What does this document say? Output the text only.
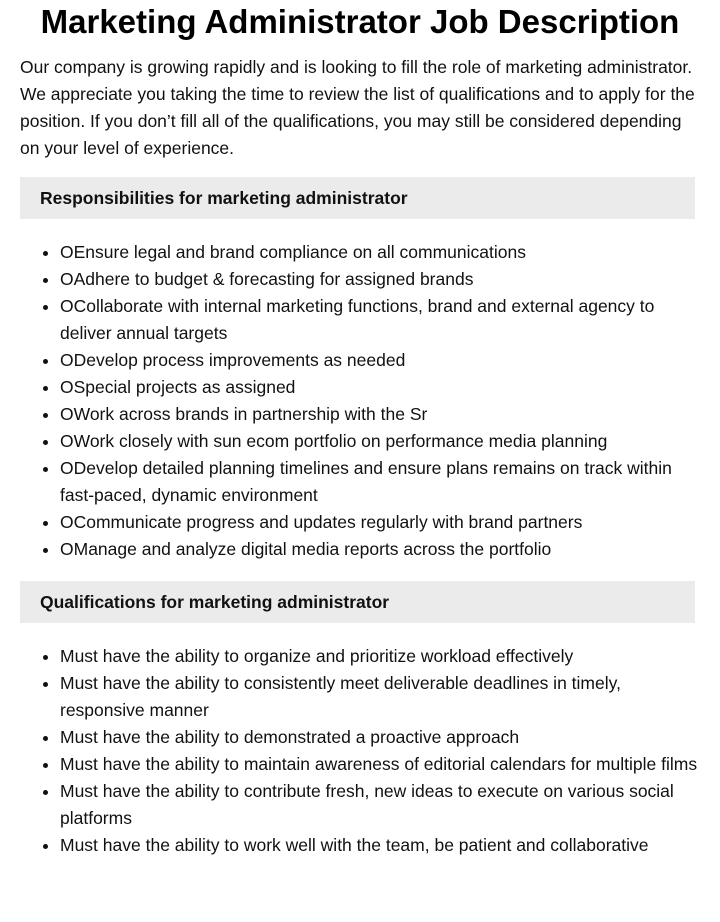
Marketing Administrator Job Description

Our company is growing rapidly and is looking to fill the role of marketing administrator. We appreciate you taking the time to review the list of qualifications and to apply for the position. If you don’t fill all of the qualifications, you may still be considered depending on your level of experience.

Responsibilities for marketing administrator
• OEnsure legal and brand compliance on all communications
• OAdhere to budget & forecasting for assigned brands
• OCollaborate with internal marketing functions, brand and external agency to deliver annual targets
• ODevelop process improvements as needed
• OSpecial projects as assigned
• OWork across brands in partnership with the Sr
• OWork closely with sun ecom portfolio on performance media planning
• ODevelop detailed planning timelines and ensure plans remains on track within fast-paced, dynamic environment
• OCommunicate progress and updates regularly with brand partners
• OManage and analyze digital media reports across the portfolio
Qualifications for marketing administrator
• Must have the ability to organize and prioritize workload effectively
• Must have the ability to consistently meet deliverable deadlines in timely, responsive manner
• Must have the ability to demonstrated a proactive approach
• Must have the ability to maintain awareness of editorial calendars for multiple films
• Must have the ability to contribute fresh, new ideas to execute on various social platforms
• Must have the ability to work well with the team, be patient and collaborative
